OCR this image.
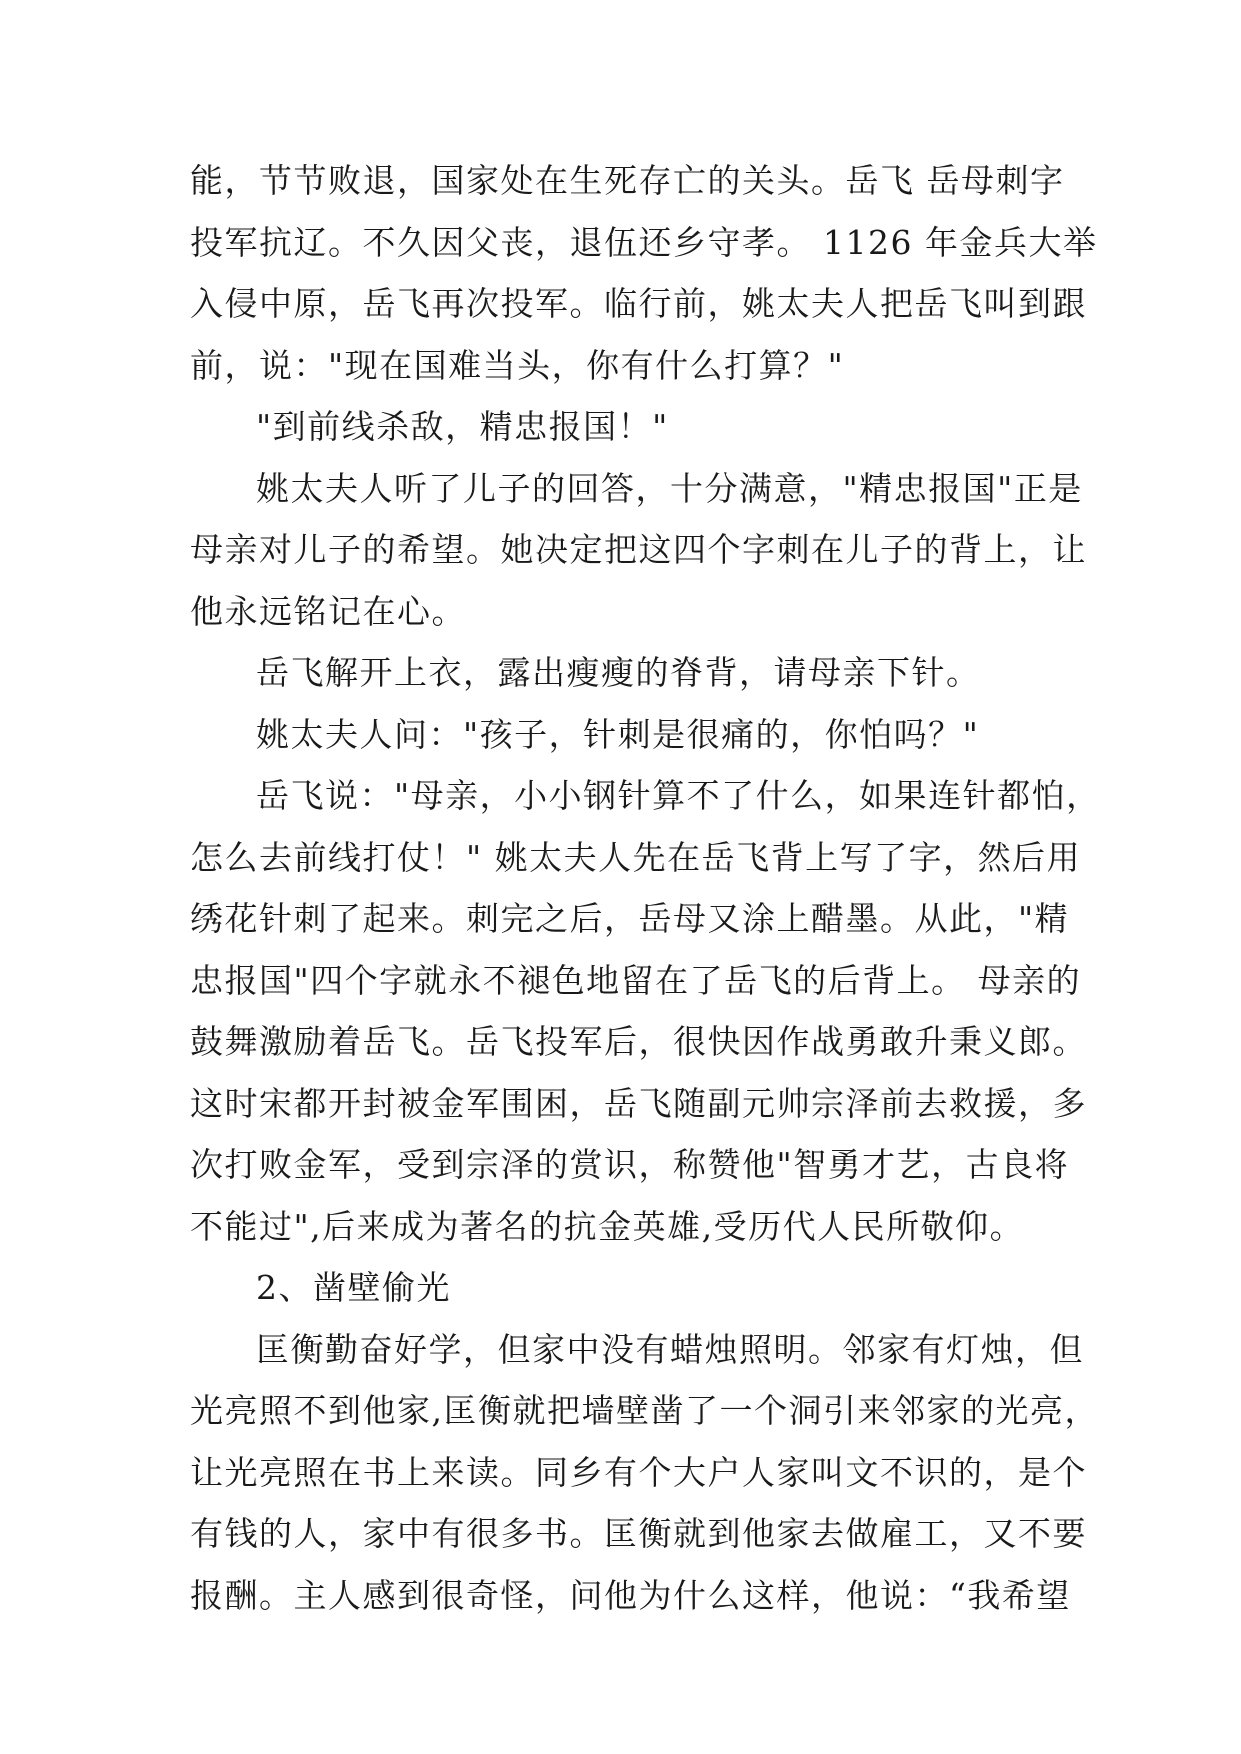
能，节节败退，国家处在生死存亡的关头。岳飞 岳母刺字
投军抗辽。不久因父丧，退伍还乡守孝。 1126 年金兵大举
入侵中原，岳飞再次投军。临行前，姚太夫人把岳飞叫到跟
前，说："现在国难当头，你有什么打算？"
"到前线杀敌，精忠报国！"
姚太夫人听了儿子的回答，十分满意，"精忠报国"正是
母亲对儿子的希望。她决定把这四个字刺在儿子的背上，让
他永远铭记在心。
岳飞解开上衣，露出瘦瘦的脊背，请母亲下针。
姚太夫人问："孩子，针刺是很痛的，你怕吗？"
岳飞说："母亲，小小钢针算不了什么，如果连针都怕，
怎么去前线打仗！" 姚太夫人先在岳飞背上写了字，然后用
绣花针刺了起来。刺完之后，岳母又涂上醋墨。从此，"精
忠报国"四个字就永不褪色地留在了岳飞的后背上。 母亲的
鼓舞激励着岳飞。岳飞投军后，很快因作战勇敢升秉义郎。
这时宋都开封被金军围困，岳飞随副元帅宗泽前去救援，多
次打败金军，受到宗泽的赏识，称赞他"智勇才艺，古良将
不能过",后来成为著名的抗金英雄,受历代人民所敬仰。
2、凿壁偷光
匡衡勤奋好学，但家中没有蜡烛照明。邻家有灯烛，但
光亮照不到他家,匡衡就把墙壁凿了一个洞引来邻家的光亮，
让光亮照在书上来读。同乡有个大户人家叫文不识的，是个
有钱的人，家中有很多书。匡衡就到他家去做雇工，又不要
报酬。主人感到很奇怪，问他为什么这样，他说：“我希望
